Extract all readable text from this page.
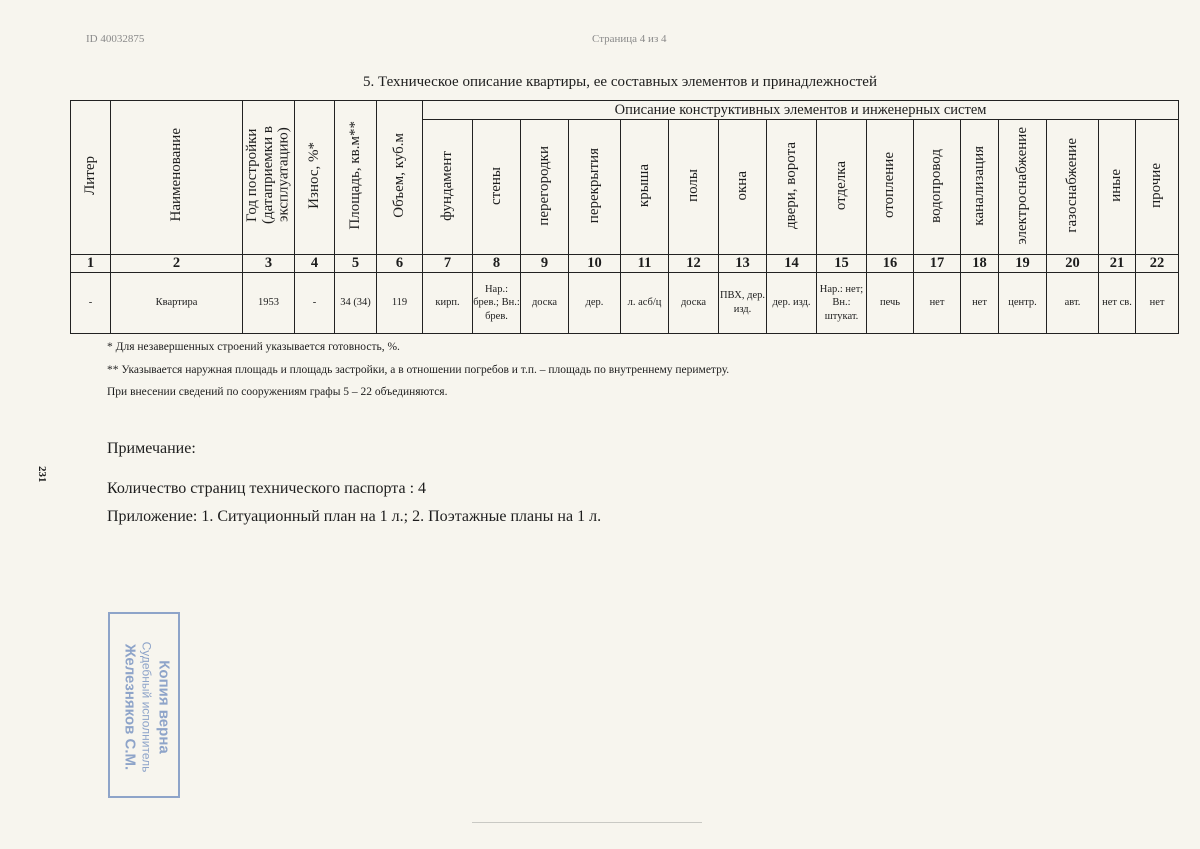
ID 40032875	Страница 4 из 4
5. Техническое описание квартиры, ее составных элементов и принадлежностей
Литер	Наименование	Год постройки (датаприемки в эксплуатацию)	Износ, %*	Площадь, кв.м**	Объем, куб.м	Описание конструктивных элементов и инженерных систем															
						фундамент	стены	перегородки	перекрытия	крыша	полы	окна	двери, ворота	отделка	отопление	водопровод	канализация	электроснабжение	газоснабжение	иные	прочие
1	2	3	4	5	6	7	8	9	10	11	12	13	14	15	16	17	18	19	20	21	22
-	Квартира	1953	-	34 (34)	119	кирп.	Нар.: брев.; Вн.: брев.	доска	дер.	л. асб/ц	доска	ПВХ, дер. изд.	дер. изд.	Нар.: нет; Вн.: штукат.	печь	нет	нет	центр.	авт.	нет св.	нет
* Для незавершенных строений указывается готовность, %.
** Указывается наружная площадь и площадь застройки, а в отношении погребов и т.п. – площадь по внутреннему периметру.
При внесении сведений по сооружениям графы 5 – 22 объединяются.
231
Примечание:
Количество страниц технического паспорта : 4
Приложение: 1. Ситуационный план на 1 л.; 2. Поэтажные планы на 1 л.
Копия верна
Судебный исполнитель
Железняков С.М.
